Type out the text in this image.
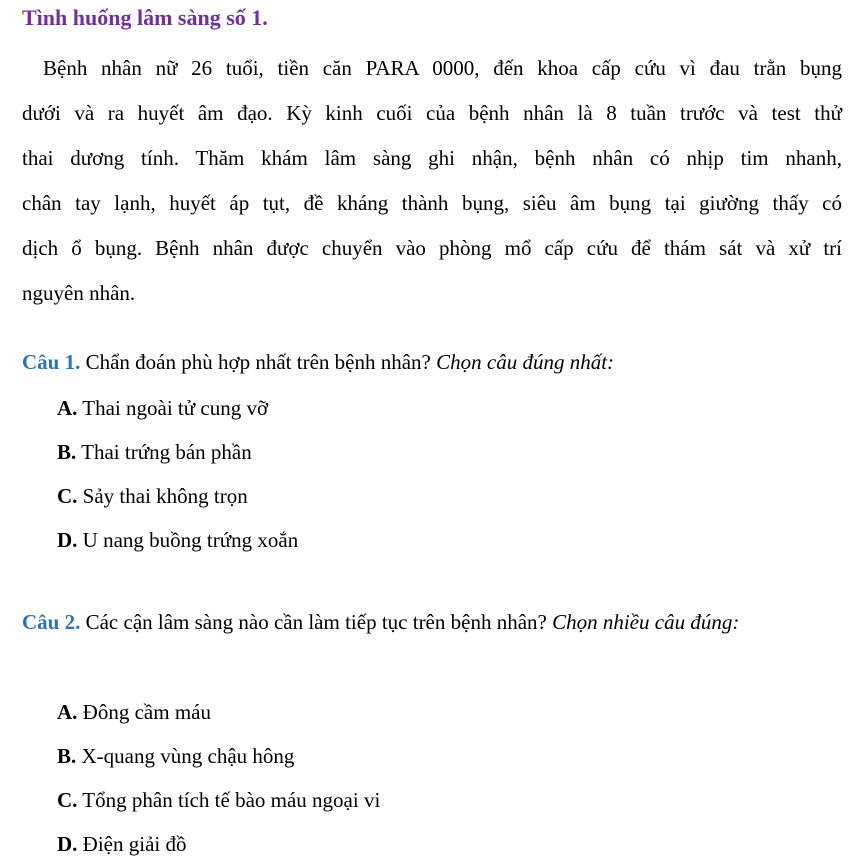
Tình huống lâm sàng số 1.

Bệnh nhân nữ 26 tuổi, tiền căn PARA 0000, đến khoa cấp cứu vì đau trằn bụng
dưới và ra huyết âm đạo. Kỳ kinh cuối của bệnh nhân là 8 tuần trước và test thử
thai dương tính. Thăm khám lâm sàng ghi nhận, bệnh nhân có nhịp tim nhanh,
chân tay lạnh, huyết áp tụt, đề kháng thành bụng, siêu âm bụng tại giường thấy có
dịch ổ bụng. Bệnh nhân được chuyển vào phòng mổ cấp cứu để thám sát và xử trí
nguyên nhân.

Câu 1. Chẩn đoán phù hợp nhất trên bệnh nhân? Chọn câu đúng nhất:

A. Thai ngoài tử cung vỡ
B. Thai trứng bán phần
C. Sảy thai không trọn
D. U nang buồng trứng xoắn

Câu 2. Các cận lâm sàng nào cần làm tiếp tục trên bệnh nhân? Chọn nhiều câu đúng:

A. Đông cầm máu
B. X-quang vùng chậu hông
C. Tổng phân tích tế bào máu ngoại vi
D. Điện giải đồ
